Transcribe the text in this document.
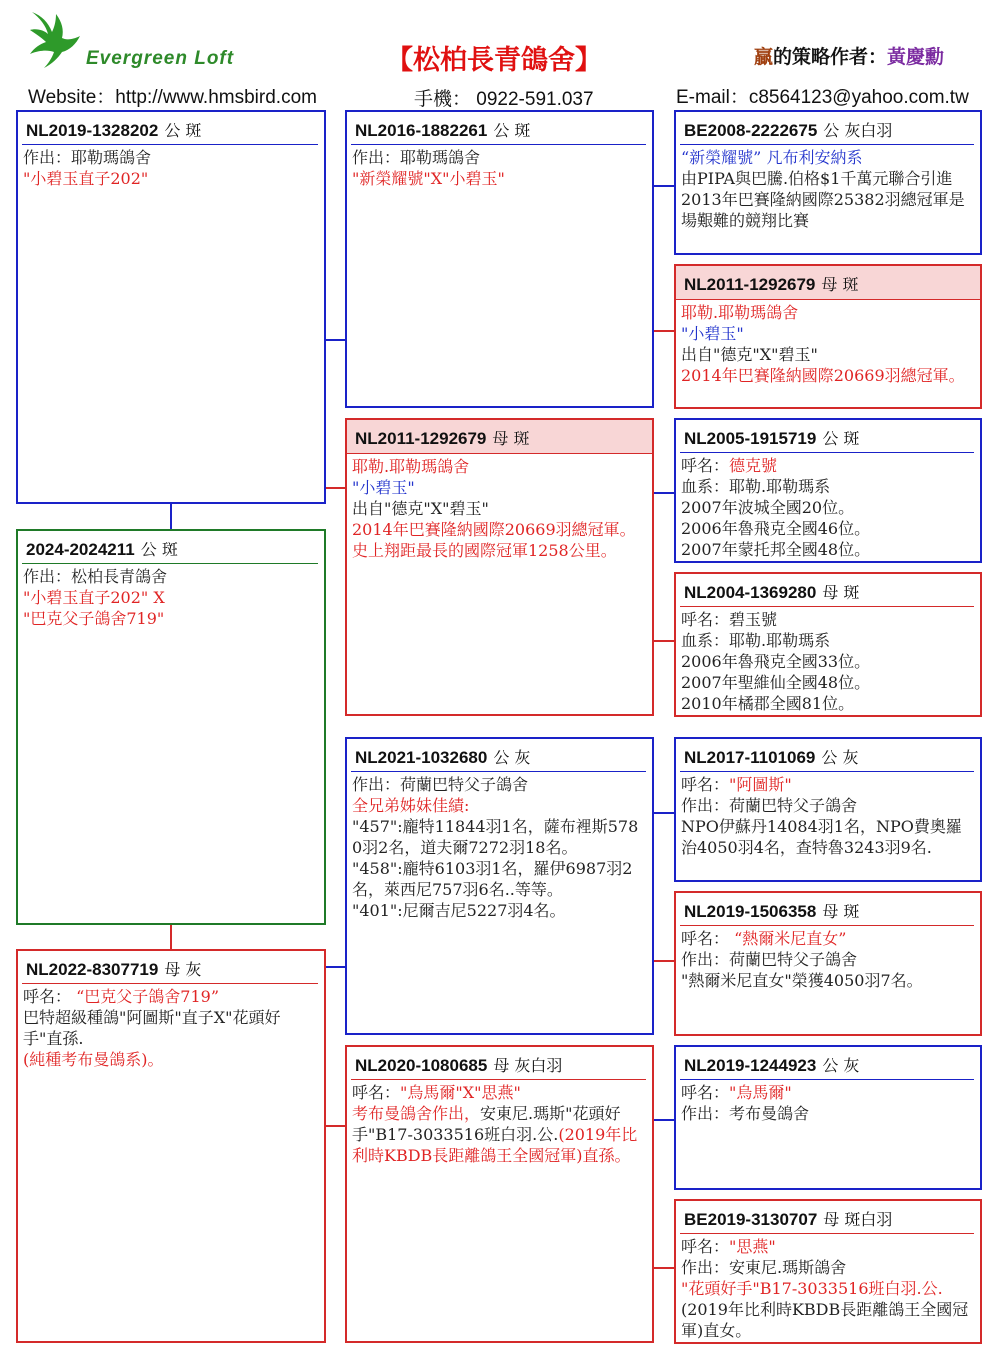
Evergreen Loft	【松柏長青鴿舍】	贏的策略作者：黃慶勳
Website：http://www.hmsbird.com	手機： 0922-591.037	E-mail：c8564123@yahoo.com.tw
NL2019-1328202 公 斑
作出：耶勒瑪鴿舍
"小碧玉直子202"
2024-2024211 公 斑
作出：松柏長青鴿舍
"小碧玉直子202" X
"巴克父子鴿舍719"
NL2022-8307719 母 灰
呼名： “巴克父子鴿舍719”
巴特超級種鴿"阿圖斯"直子X"花頭好手"直孫.
(純種考布曼鴿系)。
NL2016-1882261 公 斑
作出：耶勒瑪鴿舍
"新榮耀號"X"小碧玉"
NL2011-1292679 母 斑
耶勒.耶勒瑪鴿舍
"小碧玉"
出自"德克"X"碧玉"
2014年巴賽隆納國際20669羽總冠軍。
史上翔距最長的國際冠軍1258公里。
NL2021-1032680 公 灰
作出：荷蘭巴特父子鴿舍
全兄弟姊妹佳績:
"457":龐特11844羽1名，薩布裡斯5780羽2名，道夫爾7272羽18名。
"458":龐特6103羽1名，羅伊6987羽2名，萊西尼757羽6名..等等。
"401":尼爾吉尼5227羽4名。
NL2020-1080685 母 灰白羽
呼名："烏馬爾"X"思燕"
考布曼鴿舍作出，安東尼.瑪斯"花頭好手"B17-3033516班白羽.公.(2019年比利時KBDB長距離鴿王全國冠軍)直孫。
BE2008-2222675 公 灰白羽
“新榮耀號” 凡布利安納系
由PIPA與巴騰.伯格$1千萬元聯合引進
2013年巴賽隆納國際25382羽總冠軍是場艱難的競翔比賽
NL2011-1292679 母 斑
耶勒.耶勒瑪鴿舍
"小碧玉"
出自"德克"X"碧玉"
2014年巴賽隆納國際20669羽總冠軍。
NL2005-1915719 公 斑
呼名：德克號
血系：耶勒.耶勒瑪系
2007年波城全國20位。
2006年魯飛克全國46位。
2007年蒙托邦全國48位。
NL2004-1369280 母 斑
呼名：碧玉號
血系：耶勒.耶勒瑪系
2006年魯飛克全國33位。
2007年聖維仙全國48位。
2010年橘郡全國81位。
NL2017-1101069 公 灰
呼名："阿圖斯"
作出：荷蘭巴特父子鴿舍
NPO伊蘇丹14084羽1名，NPO費奧羅治4050羽4名，查特魯3243羽9名.
NL2019-1506358 母 斑
呼名： “熱爾米尼直女”
作出：荷蘭巴特父子鴿舍
"熱爾米尼直女"榮獲4050羽7名。
NL2019-1244923 公 灰
呼名："烏馬爾"
作出：考布曼鴿舍
BE2019-3130707 母 斑白羽
呼名："思燕"
作出：安東尼.瑪斯鴿舍
"花頭好手"B17-3033516班白羽.公.
(2019年比利時KBDB長距離鴿王全國冠軍)直女。
